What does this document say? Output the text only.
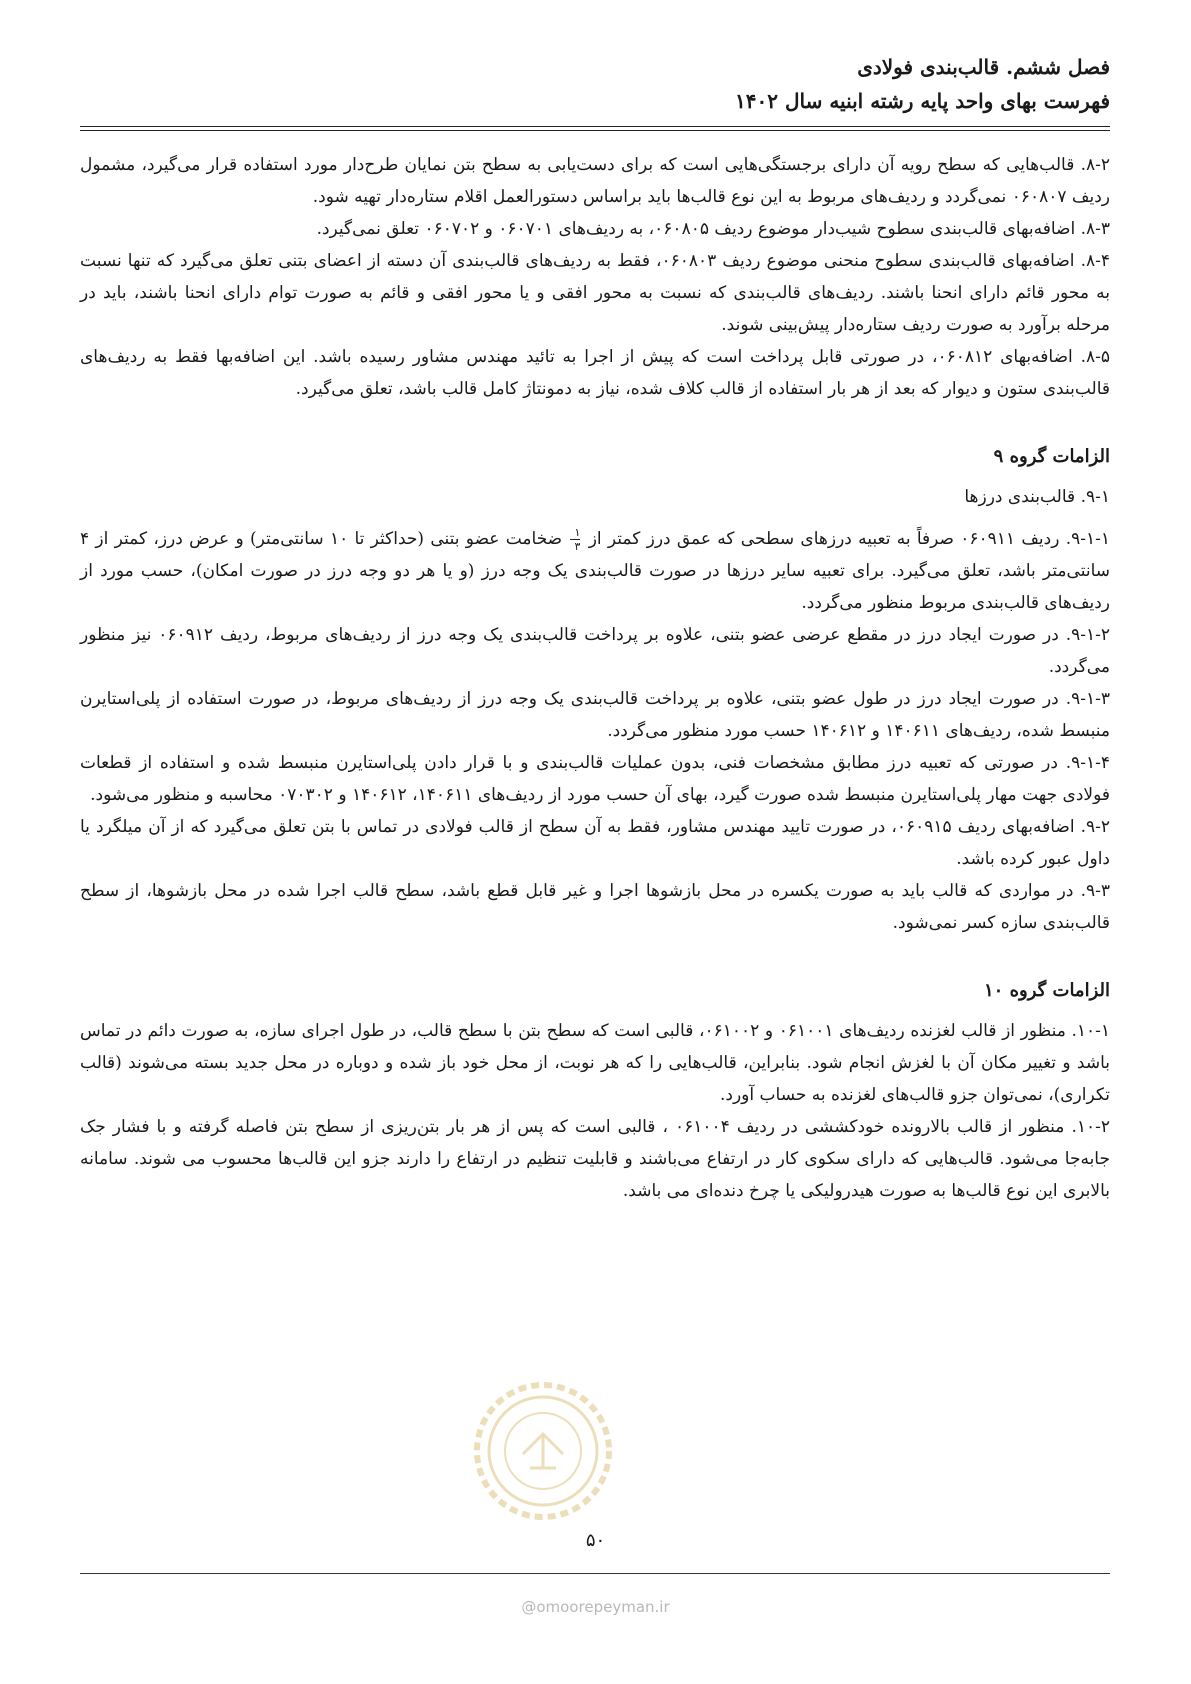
فصل ششم. قالب‌بندی فولادی
فهرست بهای واحد پایه رشته ابنیه سال ۱۴۰۲

۸-۲. قالب‌هایی که سطح رویه آن دارای برجستگی‌هایی است که برای دست‌یابی به سطح بتن نمایان طرح‌دار مورد استفاده قرار می‌گیرد، مشمول ردیف ۰۶۰۸۰۷ نمی‌گردد و ردیف‌های مربوط به این نوع قالب‌ها باید براساس دستورالعمل اقلام ستاره‌دار تهیه شود.

۸-۳. اضافه‌بهای قالب‌بندی سطوح شیب‌دار موضوع ردیف ۰۶۰۸۰۵، به ردیف‌های ۰۶۰۷۰۱ و ۰۶۰۷۰۲ تعلق نمی‌گیرد.

۸-۴. اضافه‌بهای قالب‌بندی سطوح منحنی موضوع ردیف ۰۶۰۸۰۳، فقط به ردیف‌های قالب‌بندی آن دسته از اعضای بتنی تعلق می‌گیرد که تنها نسبت به محور قائم دارای انحنا باشند. ردیف‌های قالب‌بندی که نسبت به محور افقی و یا محور افقی و قائم به صورت توام دارای انحنا باشند، باید در مرحله برآورد به صورت ردیف ستاره‌دار پیش‌بینی شوند.

۸-۵. اضافه‌بهای ۰۶۰۸۱۲، در صورتی قابل پرداخت است که پیش از اجرا به تائید مهندس مشاور رسیده باشد. این اضافه‌بها فقط به ردیف‌های قالب‌بندی ستون و دیوار که بعد از هر بار استفاده از قالب کلاف شده، نیاز به دمونتاژ کامل قالب باشد، تعلق می‌گیرد.

الزامات گروه ۹
۹-۱. قالب‌بندی درزها

۹-۱-۱. ردیف ۰۶۰۹۱۱ صرفاً به تعبیه درزهای سطحی که عمق درز کمتر از
$\frac{۱}{۳}$
ضخامت عضو بتنی (حداکثر تا ۱۰ سانتی‌متر) و عرض درز، کمتر از ۴ سانتی‌متر باشد، تعلق می‌گیرد. برای تعبیه سایر درزها در صورت قالب‌بندی یک وجه درز (و یا هر دو وجه درز در صورت امکان)، حسب مورد از ردیف‌های قالب‌بندی مربوط منظور می‌گردد.

۹-۱-۲. در صورت ایجاد درز در مقطع عرضی عضو بتنی، علاوه بر پرداخت قالب‌بندی یک وجه درز از ردیف‌های مربوط، ردیف ۰۶۰۹۱۲ نیز منظور می‌گردد.

۹-۱-۳. در صورت ایجاد درز در طول عضو بتنی، علاوه بر پرداخت قالب‌بندی یک وجه درز از ردیف‌های مربوط، در صورت استفاده از پلی‌استایرن منبسط شده، ردیف‌های ۱۴۰۶۱۱ و ۱۴۰۶۱۲ حسب مورد منظور می‌گردد.

۹-۱-۴. در صورتی که تعبیه درز مطابق مشخصات فنی، بدون عملیات قالب‌بندی و با قرار دادن پلی‌استایرن منبسط شده و استفاده از قطعات فولادی جهت مهار پلی‌استایرن منبسط شده صورت گیرد، بهای آن حسب مورد از ردیف‌های ۱۴۰۶۱۱، ۱۴۰۶۱۲ و ۰۷۰۳۰۲ محاسبه و منظور می‌شود.

۹-۲. اضافه‌بهای ردیف ۰۶۰۹۱۵، در صورت تایید مهندس مشاور، فقط به آن سطح از قالب فولادی در تماس با بتن تعلق می‌گیرد که از آن میلگرد یا داول عبور کرده باشد.

۹-۳. در مواردی که قالب باید به صورت یکسره در محل بازشوها اجرا و غیر قابل قطع باشد، سطح قالب اجرا شده در محل بازشوها، از سطح قالب‌بندی سازه کسر نمی‌شود.

الزامات گروه ۱۰

۱۰-۱. منظور از قالب لغزنده ردیف‌های ۰۶۱۰۰۱ و ۰۶۱۰۰۲، قالبی است که سطح بتن با سطح قالب، در طول اجرای سازه، به صورت دائم در تماس باشد و تغییر مکان آن با لغزش انجام شود. بنابراین، قالب‌هایی را که هر نوبت، از محل خود باز شده و دوباره در محل جدید بسته می‌شوند (قالب تکراری)، نمی‌توان جزو قالب‌های لغزنده به حساب آورد.

۱۰-۲. منظور از قالب بالارونده خودکششی در ردیف ۰۶۱۰۰۴ ، قالبی است که پس از هر بار بتن‌ریزی از سطح بتن فاصله گرفته و با فشار جک جابه‌جا می‌شود. قالب‌هایی که دارای سکوی کار در ارتفاع می‌باشند و قابلیت تنظیم در ارتفاع را دارند جزو این قالب‌ها محسوب می شوند. سامانه بالابری این نوع قالب‌ها به صورت هیدرولیکی یا چرخ دنده‌ای می باشد.

۵۰
@omoorepeyman.ir
